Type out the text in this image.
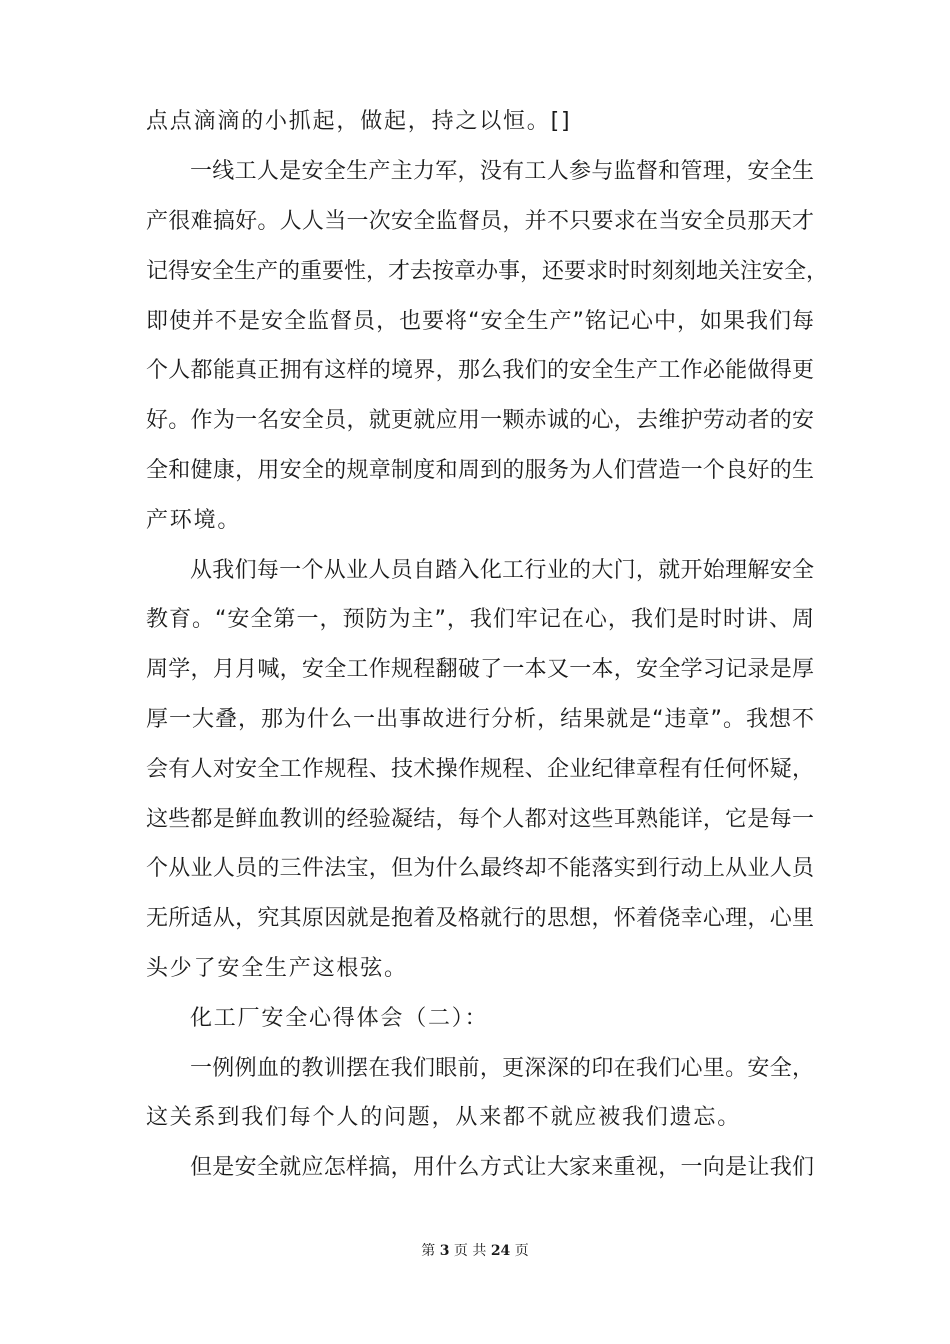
点点滴滴的小抓起，做起，持之以恒。[]
一线工人是安全生产主力军，没有工人参与监督和管理，安全生
产很难搞好。人人当一次安全监督员，并不只要求在当安全员那天才
记得安全生产的重要性，才去按章办事，还要求时时刻刻地关注安全，
即使并不是安全监督员，也要将“安全生产”铭记心中，如果我们每
个人都能真正拥有这样的境界，那么我们的安全生产工作必能做得更
好。作为一名安全员，就更就应用一颗赤诚的心，去维护劳动者的安
全和健康，用安全的规章制度和周到的服务为人们营造一个良好的生
产环境。
从我们每一个从业人员自踏入化工行业的大门，就开始理解安全
教育。“安全第一，预防为主”，我们牢记在心，我们是时时讲、周
周学，月月喊，安全工作规程翻破了一本又一本，安全学习记录是厚
厚一大叠，那为什么一出事故进行分析，结果就是“违章”。我想不
会有人对安全工作规程、技术操作规程、企业纪律章程有任何怀疑，
这些都是鲜血教训的经验凝结，每个人都对这些耳熟能详，它是每一
个从业人员的三件法宝，但为什么最终却不能落实到行动上从业人员
无所适从，究其原因就是抱着及格就行的思想，怀着侥幸心理，心里
头少了安全生产这根弦。
化工厂安全心得体会（二）：
一例例血的教训摆在我们眼前，更深深的印在我们心里。安全，
这关系到我们每个人的问题，从来都不就应被我们遗忘。
但是安全就应怎样搞，用什么方式让大家来重视，一向是让我们
第 3 页 共 24 页
